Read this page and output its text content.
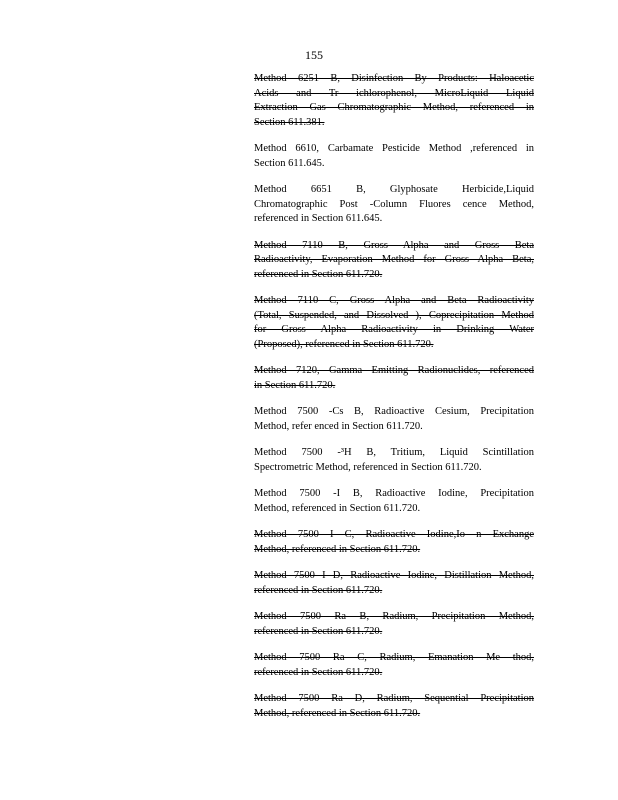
155
Method 6251 B, Disinfection By Products: Haloacetic
Acids and Tr ichlorophenol, MicroLiquid Liquid
Extraction Gas Chromatographic Method, referenced in
Section 611.381.
Method 6610, Carbamate Pesticide Method ,referenced in
Section 611.645.
Method 6651 B, Glyphosate Herbicide,Liquid
Chromatographic Post -Column Fluores cence Method,
referenced in Section 611.645.
Method 7110 B, Gross Alpha and Gross Beta
Radioactivity, Evaporation Method for Gross Alpha Beta,
referenced in Section 611.720.
Method 7110 C, Gross Alpha and Beta Radioactivity
(Total, Suspended, and Dissolved ), Coprecipitation Method
for Gross Alpha Radioactivity in Drinking Water
(Proposed), referenced in Section 611.720.
Method 7120, Gamma Emitting Radionuclides, referenced
in Section 611.720.
Method 7500 -Cs B, Radioactive Cesium, Precipitation
Method, refer enced in Section 611.720.
Method 7500 -³H B, Tritium, Liquid Scintillation
Spectrometric Method, referenced in Section 611.720.
Method 7500 -I B, Radioactive Iodine, Precipitation
Method, referenced in Section 611.720.
Method 7500 I C, Radioactive Iodine,Io n Exchange
Method, referenced in Section 611.720.
Method 7500 I D, Radioactive Iodine, Distillation Method,
referenced in Section 611.720.
Method 7500 Ra B, Radium, Precipitation Method,
referenced in Section 611.720.
Method 7500 Ra C, Radium, Emanation Me thod,
referenced in Section 611.720.
Method 7500 Ra D, Radium, Sequential Precipitation
Method, referenced in Section 611.720.
